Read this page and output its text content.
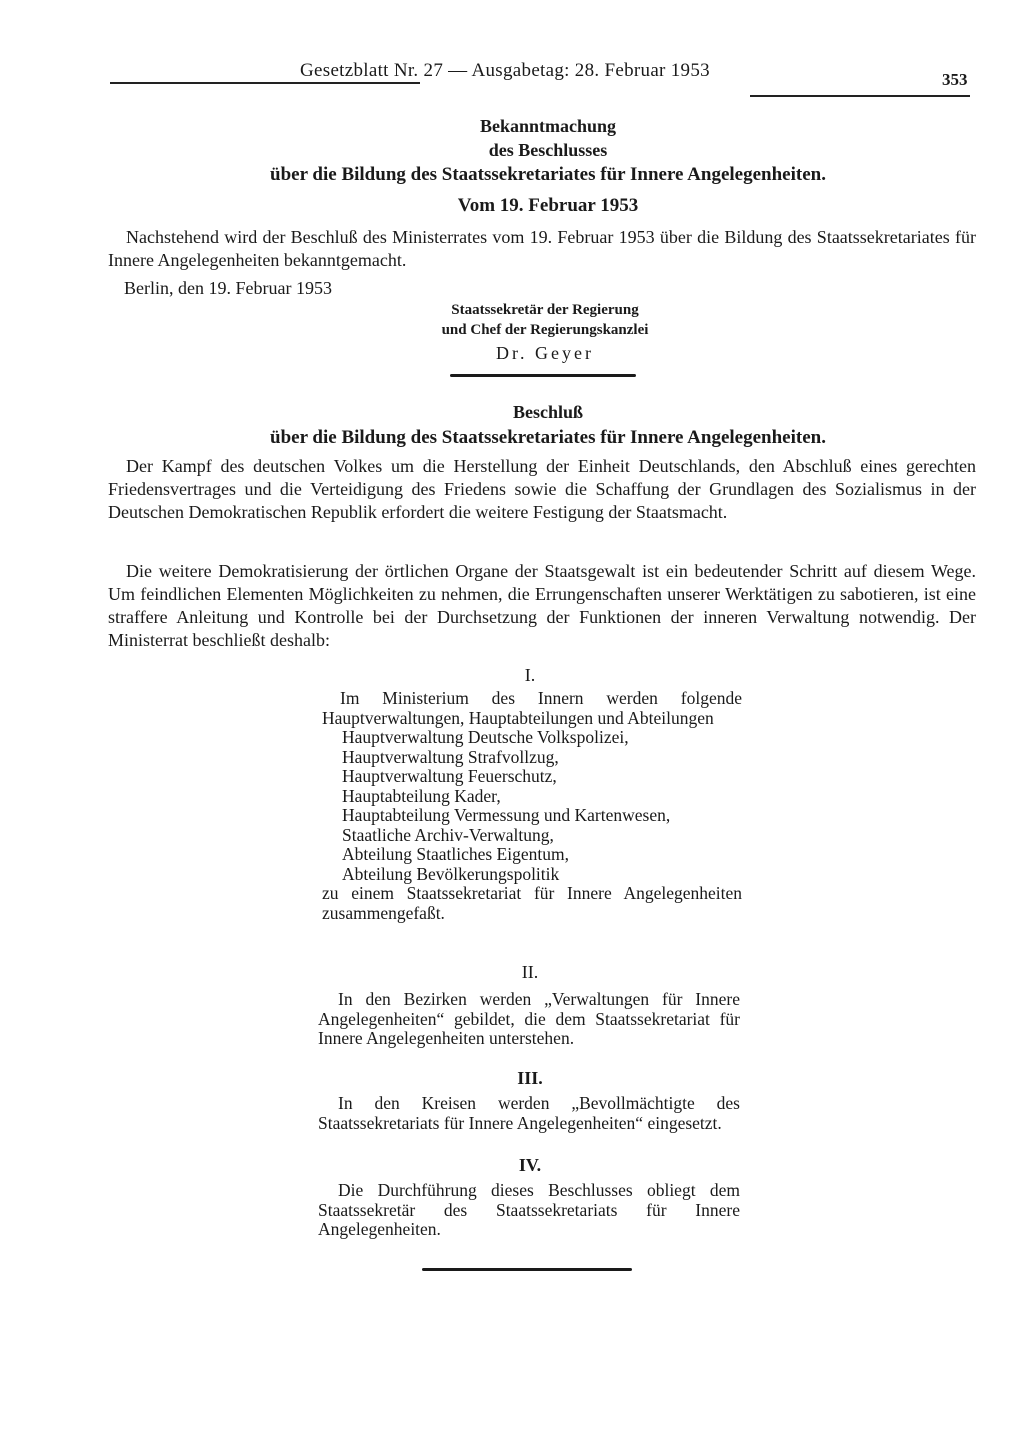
Gesetzblatt Nr. 27 — Ausgabetag: 28. Februar 1953	353
Bekanntmachung
des Beschlusses
über die Bildung des Staatssekretariates für Innere Angelegenheiten.
Vom 19. Februar 1953
Nachstehend wird der Beschluß des Ministerrates vom 19. Februar 1953 über die Bildung des Staatssekretariates für Innere Angelegenheiten bekanntgemacht.
Berlin, den 19. Februar 1953
Staatssekretär der Regierung
und Chef der Regierungskanzlei
Dr. Geyer
Beschluß
über die Bildung des Staatssekretariates für Innere Angelegenheiten.
Der Kampf des deutschen Volkes um die Herstellung der Einheit Deutschlands, den Abschluß eines gerechten Friedensvertrages und die Verteidigung des Friedens sowie die Schaffung der Grundlagen des Sozialismus in der Deutschen Demokratischen Republik erfordert die weitere Festigung der Staatsmacht.
Die weitere Demokratisierung der örtlichen Organe der Staatsgewalt ist ein bedeutender Schritt auf diesem Wege. Um feindlichen Elementen Möglichkeiten zu nehmen, die Errungenschaften unserer Werktätigen zu sabotieren, ist eine straffere Anleitung und Kontrolle bei der Durchsetzung der Funktionen der inneren Verwaltung notwendig. Der Ministerrat beschließt deshalb:
I.
Im Ministerium des Innern werden folgende Hauptverwaltungen, Hauptabteilungen und Abteilungen
Hauptverwaltung Deutsche Volkspolizei,
Hauptverwaltung Strafvollzug,
Hauptverwaltung Feuerschutz,
Hauptabteilung Kader,
Hauptabteilung Vermessung und Kartenwesen,
Staatliche Archiv-Verwaltung,
Abteilung Staatliches Eigentum,
Abteilung Bevölkerungspolitik
zu einem Staatssekretariat für Innere Angelegenheiten zusammengefaßt.
II.
In den Bezirken werden „Verwaltungen für Innere Angelegenheiten“ gebildet, die dem Staatssekretariat für Innere Angelegenheiten unterstehen.
III.
In den Kreisen werden „Bevollmächtigte des Staatssekretariats für Innere Angelegenheiten“ eingesetzt.
IV.
Die Durchführung dieses Beschlusses obliegt dem Staatssekretär des Staatssekretariats für Innere Angelegenheiten.
